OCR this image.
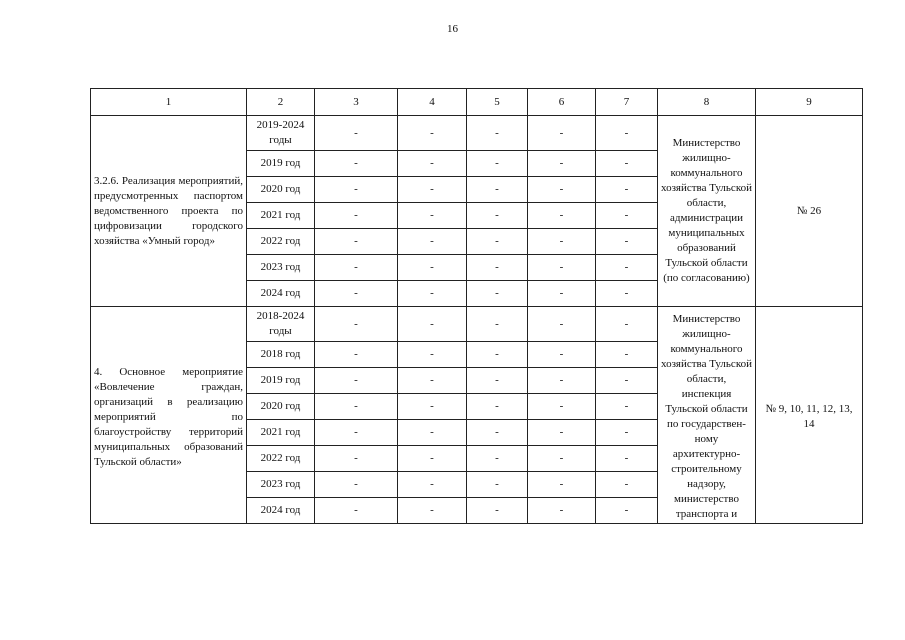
16
1	2	3	4	5	6	7	8	9
3.2.6. Реализация мероприятий, предусмотренных паспортом ведомственного проекта по цифровизации городского хозяйства «Умный город»	2019-2024 годы	-	-	-	-	-	Министерство жилищно-коммунального хозяйства Тульской области, администрации муниципальных образований Тульской области (по согласованию)	№ 26
	2019 год	-	-	-	-	-		
	2020 год	-	-	-	-	-		
	2021 год	-	-	-	-	-		
	2022 год	-	-	-	-	-		
	2023 год	-	-	-	-	-		
	2024 год	-	-	-	-	-		
4. Основное мероприятие «Вовлечение граждан, организаций в реализацию мероприятий по благоустройству территорий муниципальных образований Тульской области»	2018-2024 годы	-	-	-	-	-	Министерство жилищно-коммунального хозяйства Тульской области, инспекция Тульской области по государствен-ному архитектурно-строительному надзору, министерство транспорта и	№ 9, 10, 11, 12, 13, 14
	2018 год	-	-	-	-	-		
	2019 год	-	-	-	-	-		
	2020 год	-	-	-	-	-		
	2021 год	-	-	-	-	-		
	2022 год	-	-	-	-	-		
	2023 год	-	-	-	-	-		
	2024 год	-	-	-	-	-		
